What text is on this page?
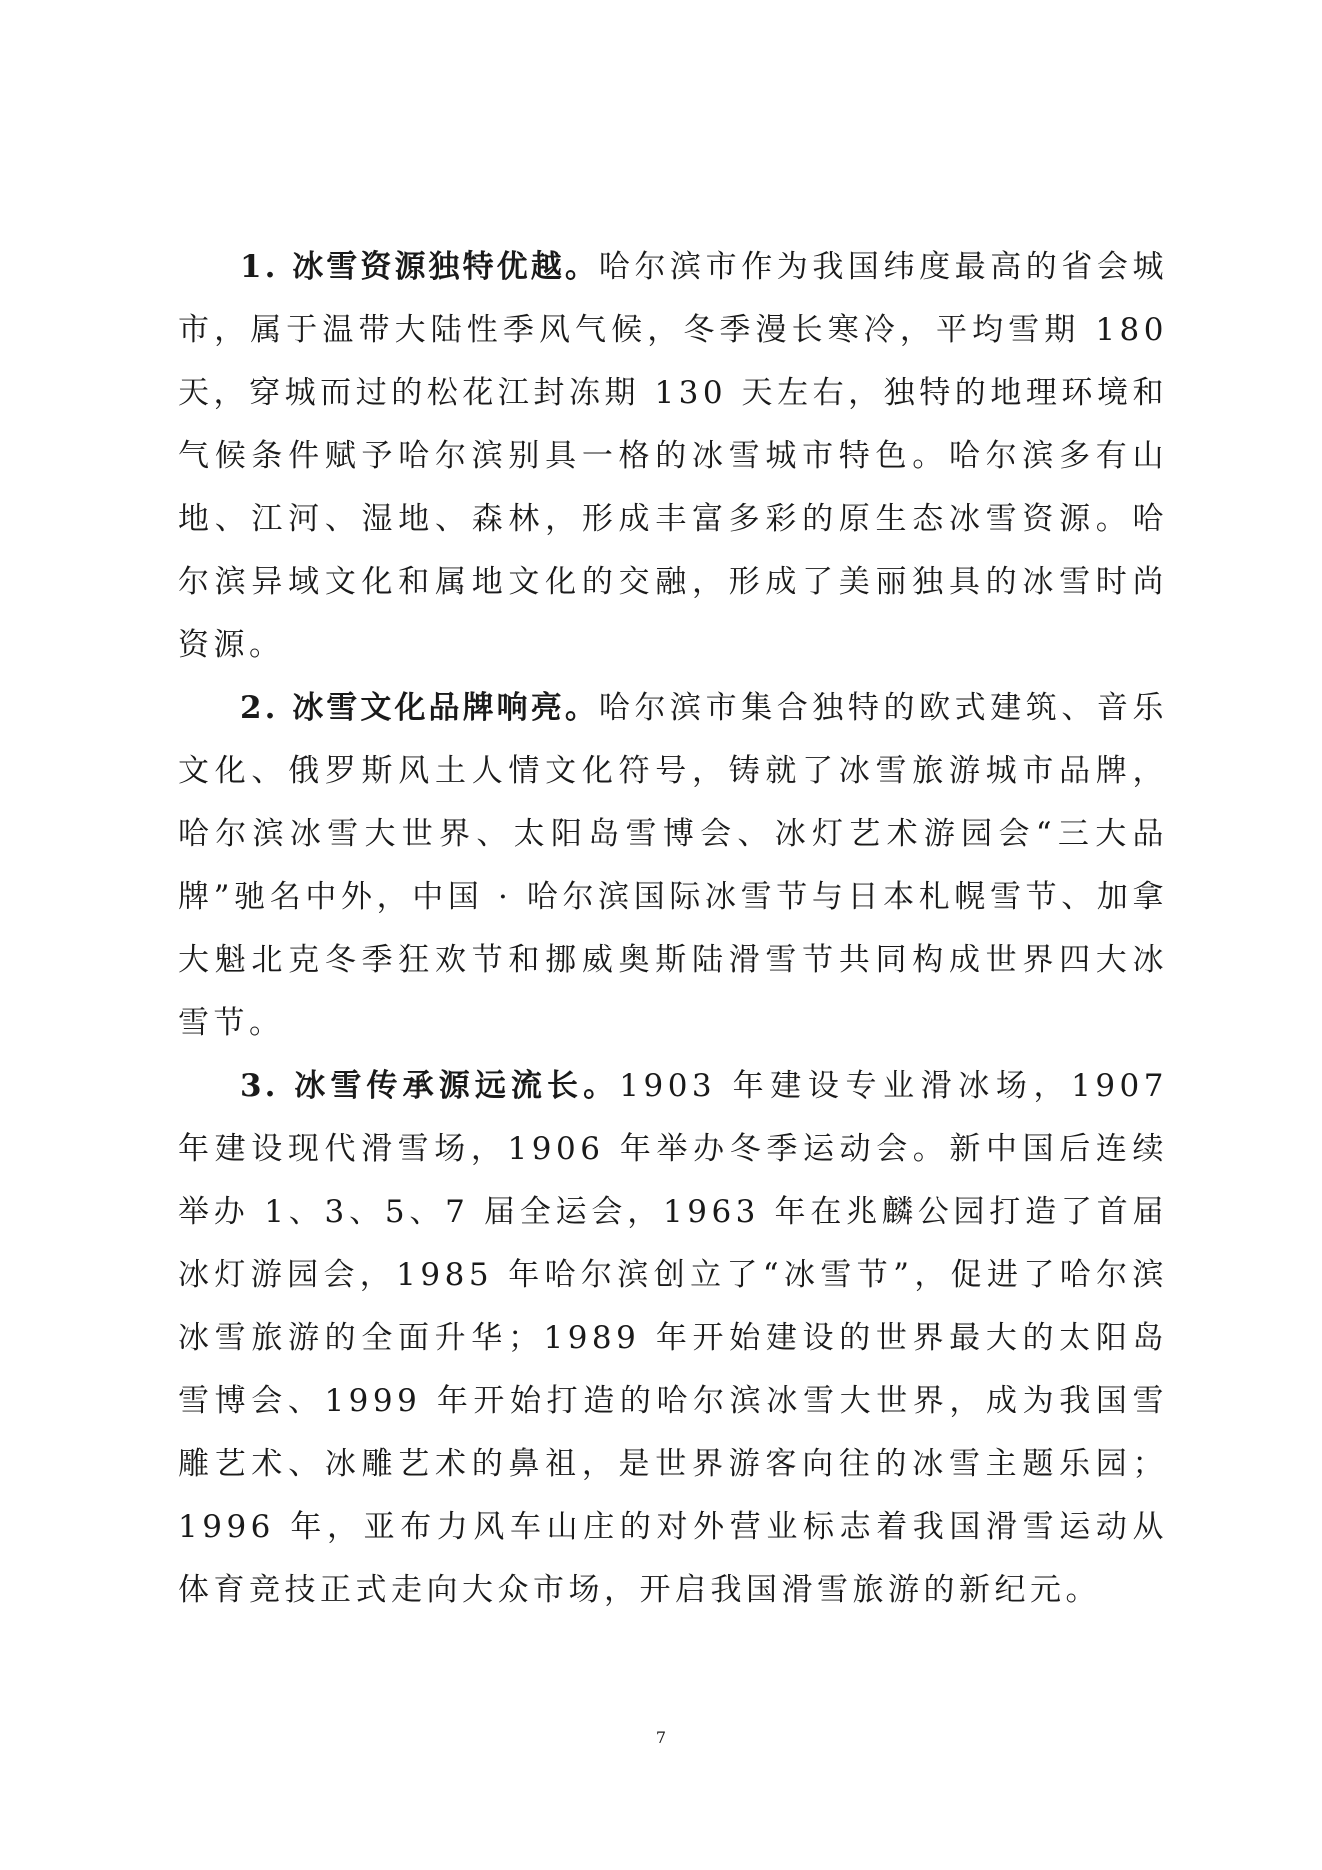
1. 冰雪资源独特优越。哈尔滨市作为我国纬度最高的省会城市，属于温带大陆性季风气候，冬季漫长寒冷，平均雪期 180 天，穿城而过的松花江封冻期 130 天左右，独特的地理环境和气候条件赋予哈尔滨别具一格的冰雪城市特色。哈尔滨多有山地、江河、湿地、森林，形成丰富多彩的原生态冰雪资源。哈尔滨异域文化和属地文化的交融，形成了美丽独具的冰雪时尚资源。

2. 冰雪文化品牌响亮。哈尔滨市集合独特的欧式建筑、音乐文化、俄罗斯风土人情文化符号，铸就了冰雪旅游城市品牌，哈尔滨冰雪大世界、太阳岛雪博会、冰灯艺术游园会“三大品牌”驰名中外，中国 · 哈尔滨国际冰雪节与日本札幌雪节、加拿大魁北克冬季狂欢节和挪威奥斯陆滑雪节共同构成世界四大冰雪节。

3. 冰雪传承源远流长。1903 年建设专业滑冰场，1907 年建设现代滑雪场，1906 年举办冬季运动会。新中国后连续举办 1、3、5、7 届全运会，1963 年在兆麟公园打造了首届冰灯游园会，1985 年哈尔滨创立了“冰雪节”，促进了哈尔滨冰雪旅游的全面升华；1989 年开始建设的世界最大的太阳岛雪博会、1999 年开始打造的哈尔滨冰雪大世界，成为我国雪雕艺术、冰雕艺术的鼻祖，是世界游客向往的冰雪主题乐园；1996 年，亚布力风车山庄的对外营业标志着我国滑雪运动从体育竞技正式走向大众市场，开启我国滑雪旅游的新纪元。

7
